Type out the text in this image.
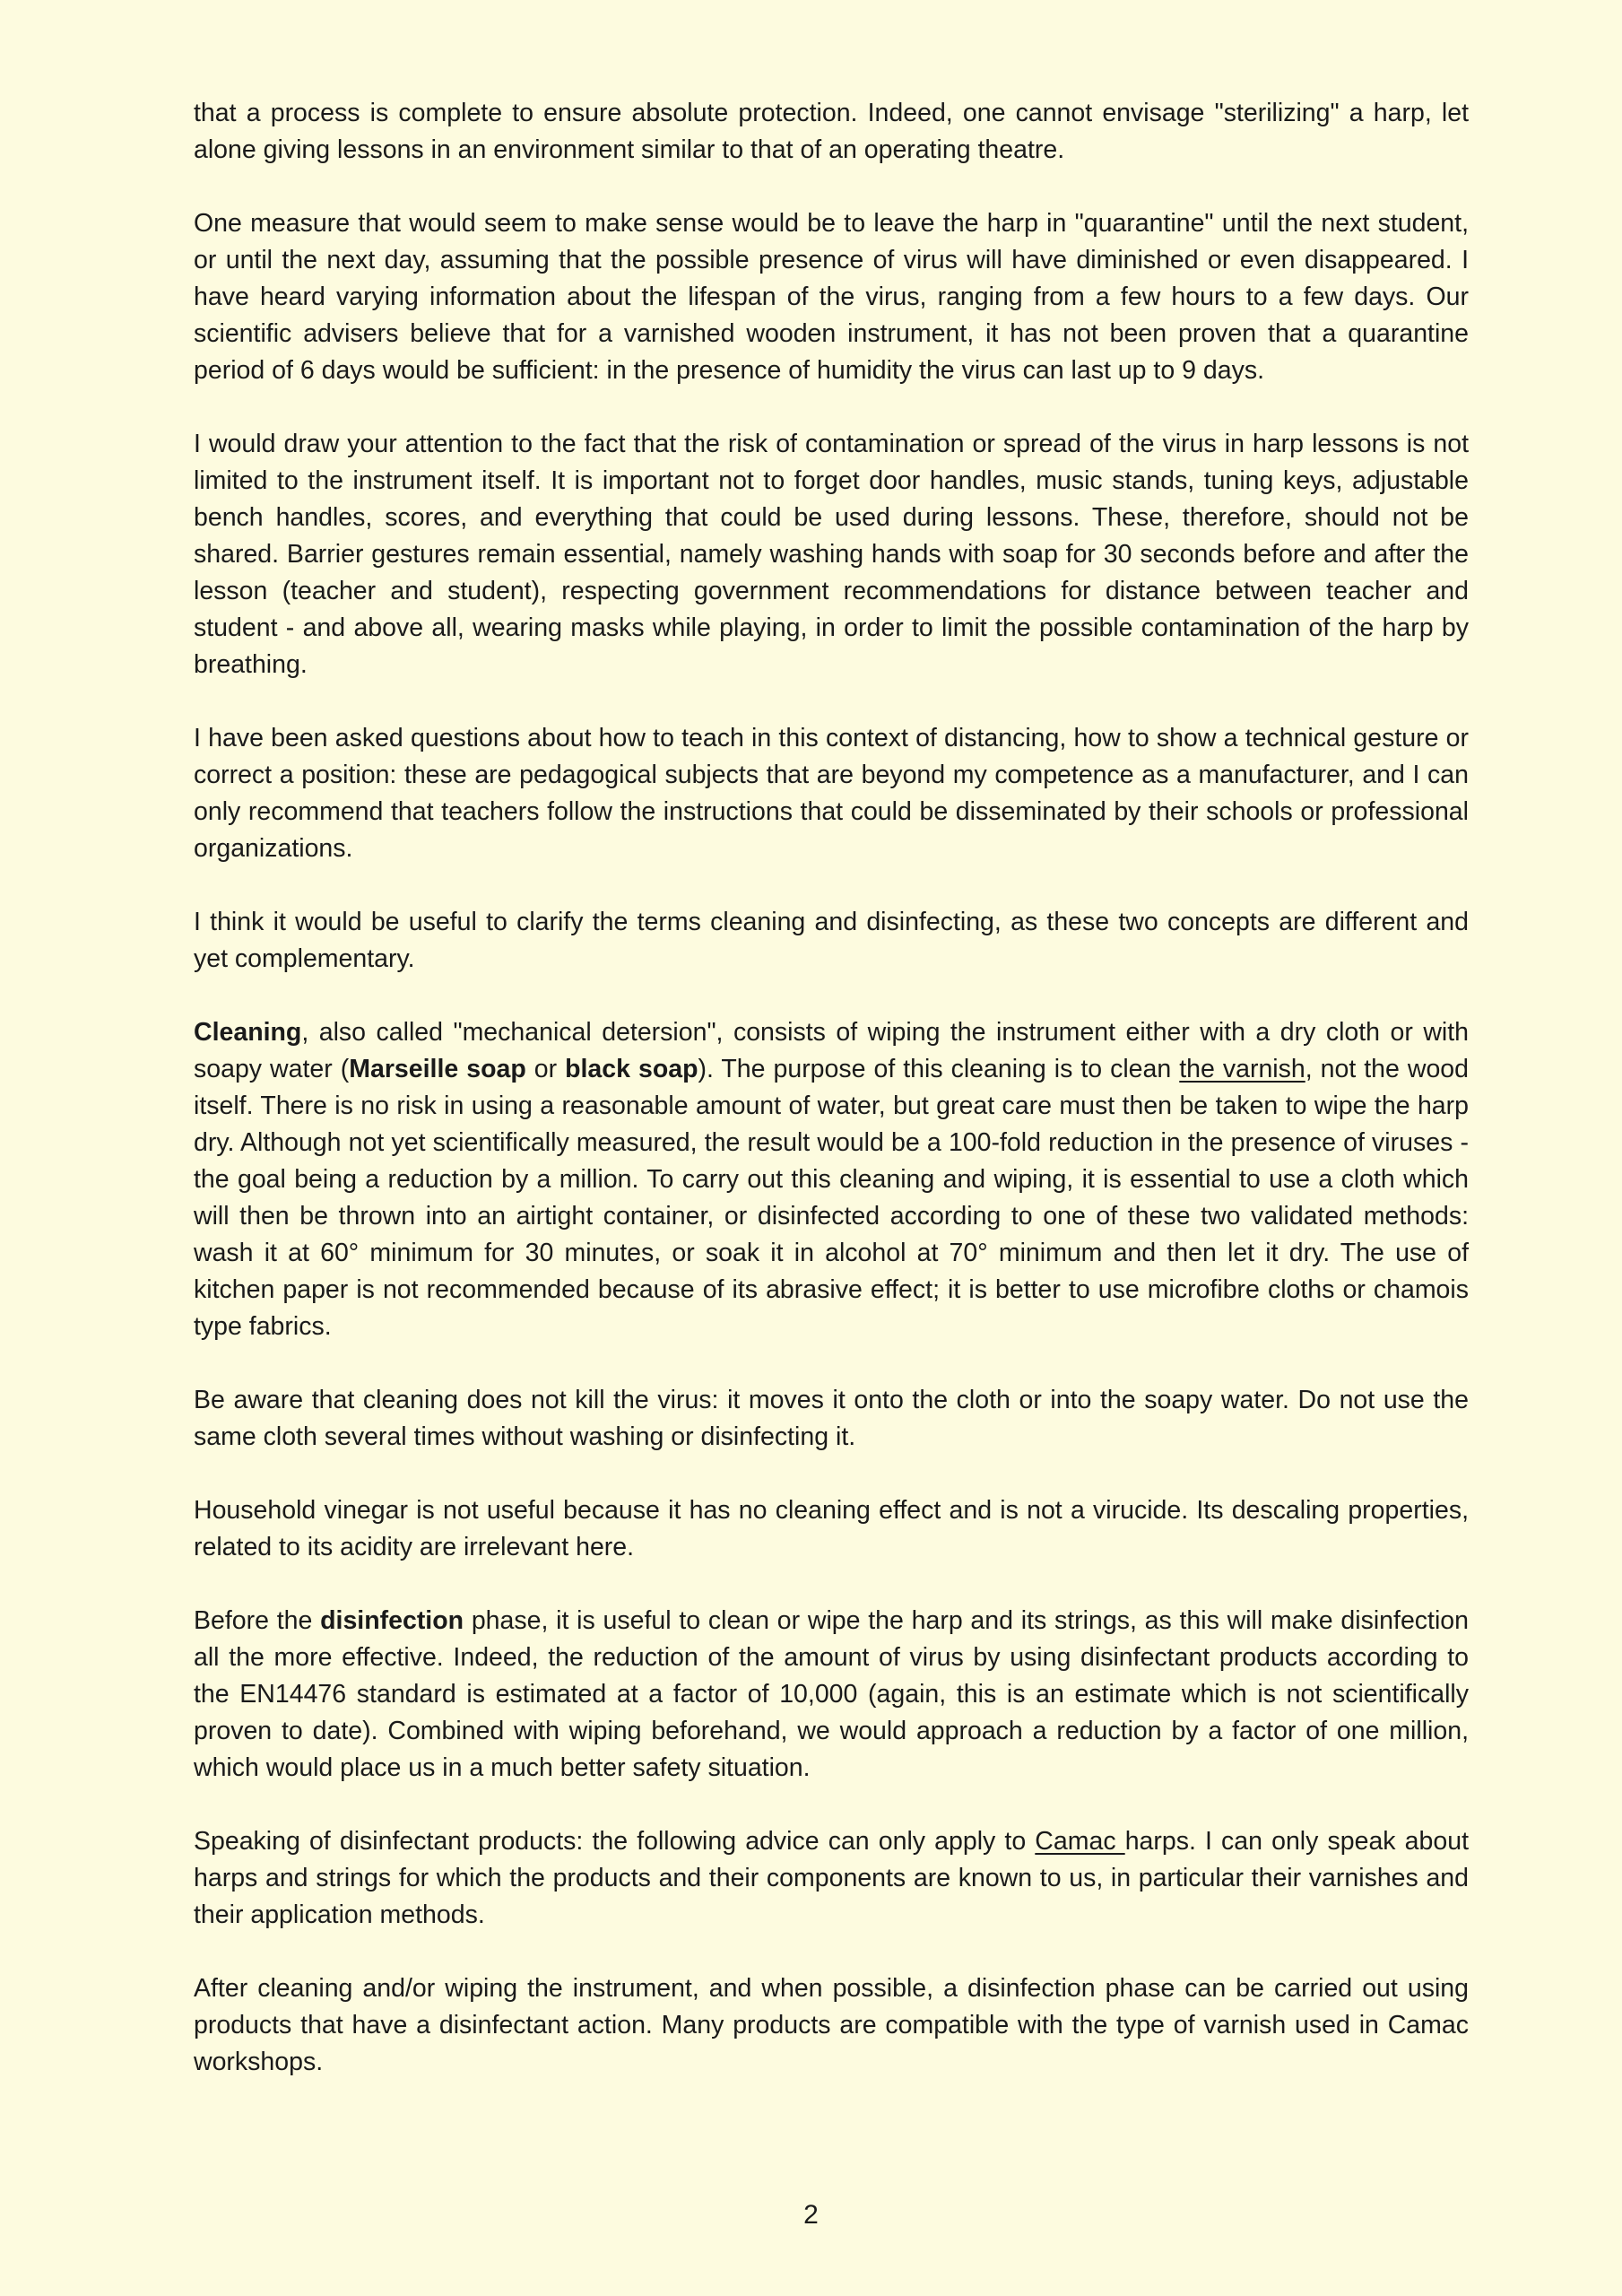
that a process is complete to ensure absolute protection. Indeed, one cannot envisage "sterilizing" a harp, let alone giving lessons in an environment similar to that of an operating theatre.

One measure that would seem to make sense would be to leave the harp in "quarantine" until the next student, or until the next day, assuming that the possible presence of virus will have diminished or even disappeared. I have heard varying information about the lifespan of the virus, ranging from a few hours to a few days. Our scientific advisers believe that for a varnished wooden instrument, it has not been proven that a quarantine period of 6 days would be sufficient: in the presence of humidity the virus can last up to 9 days.

I would draw your attention to the fact that the risk of contamination or spread of the virus in harp lessons is not limited to the instrument itself. It is important not to forget door handles, music stands, tuning keys, adjustable bench handles, scores, and everything that could be used during lessons. These, therefore, should not be shared. Barrier gestures remain essential, namely washing hands with soap for 30 seconds before and after the lesson (teacher and student), respecting government recommendations for distance between teacher and student - and above all, wearing masks while playing, in order to limit the possible contamination of the harp by breathing.

I have been asked questions about how to teach in this context of distancing, how to show a technical gesture or correct a position: these are pedagogical subjects that are beyond my competence as a manufacturer, and I can only recommend that teachers follow the instructions that could be disseminated by their schools or professional organizations.

I think it would be useful to clarify the terms cleaning and disinfecting, as these two concepts are different and yet complementary.

Cleaning, also called "mechanical detersion", consists of wiping the instrument either with a dry cloth or with soapy water (Marseille soap or black soap). The purpose of this cleaning is to clean the varnish, not the wood itself. There is no risk in using a reasonable amount of water, but great care must then be taken to wipe the harp dry. Although not yet scientifically measured, the result would be a 100-fold reduction in the presence of viruses - the goal being a reduction by a million. To carry out this cleaning and wiping, it is essential to use a cloth which will then be thrown into an airtight container, or disinfected according to one of these two validated methods: wash it at 60° minimum for 30 minutes, or soak it in alcohol at 70° minimum and then let it dry. The use of kitchen paper is not recommended because of its abrasive effect; it is better to use microfibre cloths or chamois type fabrics.

Be aware that cleaning does not kill the virus: it moves it onto the cloth or into the soapy water. Do not use the same cloth several times without washing or disinfecting it.

Household vinegar is not useful because it has no cleaning effect and is not a virucide. Its descaling properties, related to its acidity are irrelevant here.

Before the disinfection phase, it is useful to clean or wipe the harp and its strings, as this will make disinfection all the more effective. Indeed, the reduction of the amount of virus by using disinfectant products according to the EN14476 standard is estimated at a factor of 10,000 (again, this is an estimate which is not scientifically proven to date). Combined with wiping beforehand, we would approach a reduction by a factor of one million, which would place us in a much better safety situation.

Speaking of disinfectant products: the following advice can only apply to Camac harps. I can only speak about harps and strings for which the products and their components are known to us, in particular their varnishes and their application methods.

After cleaning and/or wiping the instrument, and when possible, a disinfection phase can be carried out using products that have a disinfectant action. Many products are compatible with the type of varnish used in Camac workshops.

2
